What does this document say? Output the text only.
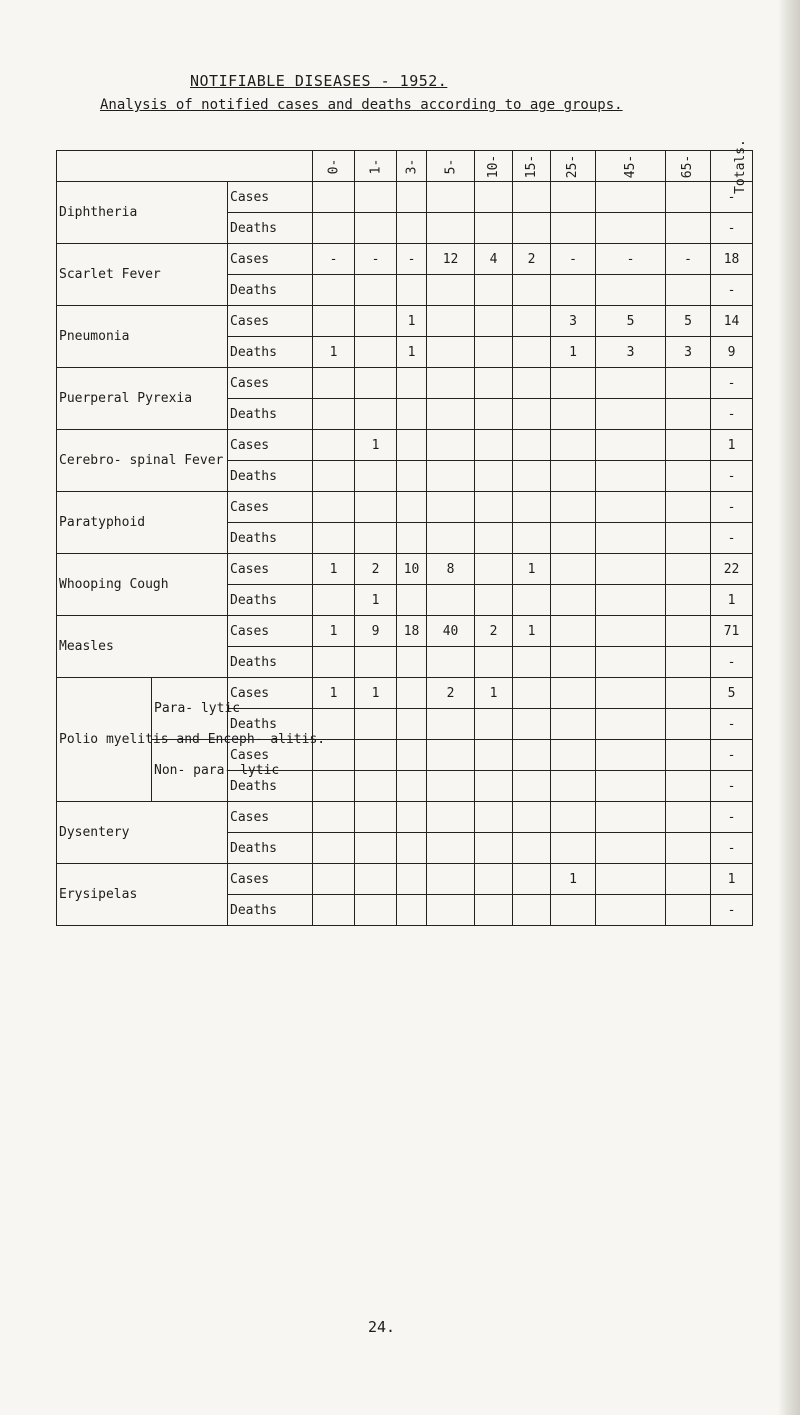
NOTIFIABLE DISEASES - 1952.
Analysis of notified cases and deaths according to age groups.
			0-	1-	3-	5-	10-	15-	25-	45-	65-	Totals.
Diphtheria		Cases										-
		Deaths										-
Scarlet Fever		Cases	-	-	-	12	4	2	-	-	-	18
		Deaths										-
Pneumonia		Cases			1				3	5	5	14
		Deaths	1		1				1	3	3	9
Puerperal Pyrexia		Cases										-
		Deaths										-
Cerebro- spinal Fever		Cases		1								1
		Deaths										-
Paratyphoid		Cases										-
		Deaths										-
Whooping Cough		Cases	1	2	10	8		1				22
		Deaths		1								1
Measles		Cases	1	9	18	40	2	1				71
		Deaths										-
Polio myelitis and Enceph- alitis.	Para- lytic	Cases	1	1		2	1					5
		Deaths										-
	Non- para- lytic	Cases										-
		Deaths										-
Dysentery		Cases										-
		Deaths										-
Erysipelas		Cases							1			1
		Deaths										-
24.
